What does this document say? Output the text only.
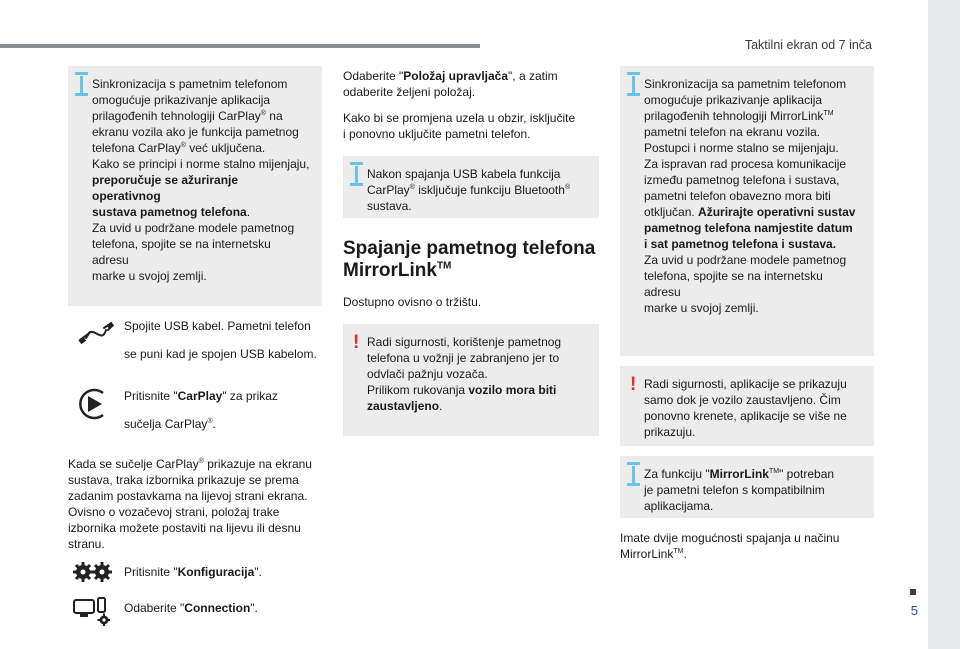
Taktilni ekran od 7 inča
5

Sinkronizacija s pametnim telefonom

omogućuje prikazivanje aplikacija

prilagođenih tehnologiji CarPlay® na

ekranu vozila ako je funkcija pametnog

telefona CarPlay® već uključena.

Kako se principi i norme stalno mijenjaju,

preporučuje se ažuriranje operativnog

sustava pametnog telefona.

Za uvid u podržane modele pametnog

telefona, spojite se na internetsku adresu

marke u svojoj zemlji.

Spojite USB kabel. Pametni telefon

se puni kad je spojen USB kabelom.

Pritisnite "CarPlay" za prikaz

sučelja CarPlay®.

Kada se sučelje CarPlay® prikazuje na ekranu

sustava, traka izbornika prikazuje se prema

zadanim postavkama na lijevoj strani ekrana.

Ovisno o vozačevoj strani, položaj trake

izbornika možete postaviti na lijevu ili desnu

stranu.

Pritisnite "Konfiguracija".

Odaberite "Connection".

Odaberite "Položaj upravljača", a zatim

odaberite željeni položaj.

Kako bi se promjena uzela u obzir, isključite

i ponovno uključite pametni telefon.

Nakon spajanja USB kabela funkcija

CarPlay® isključuje funkciju Bluetooth®

sustava.

Spajanje pametnog telefona
MirrorLink™

Dostupno ovisno o tržištu.

! Radi sigurnosti, korištenje pametnog

telefona u vožnji je zabranjeno jer to

odvlači pažnju vozača.

Prilikom rukovanja vozilo mora biti

zaustavljeno.

Sinkronizacija sa pametnim telefonom

omogućuje prikazivanje aplikacija

prilagođenih tehnologiji MirrorLink™

pametni telefon na ekranu vozila.

Postupci i norme stalno se mijenjaju.

Za ispravan rad procesa komunikacije

između pametnog telefona i sustava,

pametni telefon obavezno mora biti

otključan. Ažurirajte operativni sustav

pametnog telefona namjestite datum

i sat pametnog telefona i sustava.

Za uvid u podržane modele pametnog

telefona, spojite se na internetsku adresu

marke u svojoj zemlji.

! Radi sigurnosti, aplikacije se prikazuju

samo dok je vozilo zaustavljeno. Čim

ponovno krenete, aplikacije se više ne

prikazuju.

Za funkciju "MirrorLink™" potreban

je pametni telefon s kompatibilnim

aplikacijama.

Imate dvije mogućnosti spajanja u načinu

MirrorLink™.
